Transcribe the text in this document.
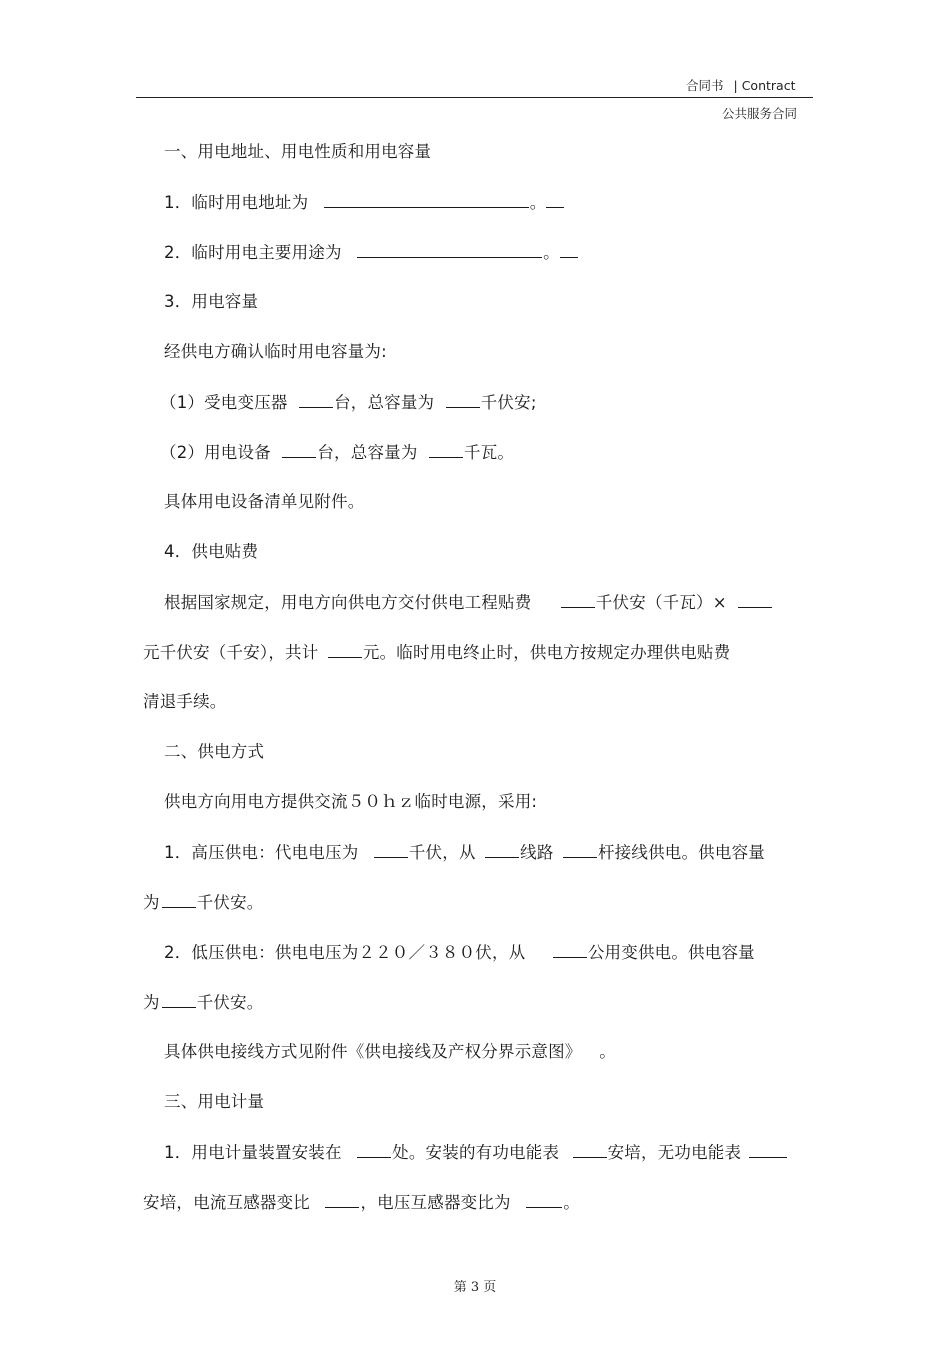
合同书 | Contract
公共服务合同
一、用电地址、用电性质和用电容量
1．临时用电地址为	。
2．临时用电主要用途为	。
3．用电容量
经供电方确认临时用电容量为:
（1）受电变压器	台，总容量为	千伏安;
（2）用电设备	台，总容量为	千瓦。
具体用电设备清单见附件。
4．供电贴费
根据国家规定，用电方向供电方交付供电工程贴费	千伏安（千瓦）×
元千伏安（千安），共计	元。临时用电终止时，供电方按规定办理供电贴费
清退手续。
二、供电方式
供电方向用电方提供交流５０ｈｚ临时电源，采用:
1．高压供电：代电电压为	千伏，从	线路	杆接线供电。供电容量
为 千伏安。
2．低压供电：供电电压为２２０／３８０伏，从	公用变供电。供电容量
为 千伏安。
具体供电接线方式见附件《供电接线及产权分界示意图》 。
三、用电计量
1．用电计量装置安装在	处。安装的有功电能表	安培，无功电能表
安培，电流互感器变比	，电压互感器变比为	。
第 3 页
